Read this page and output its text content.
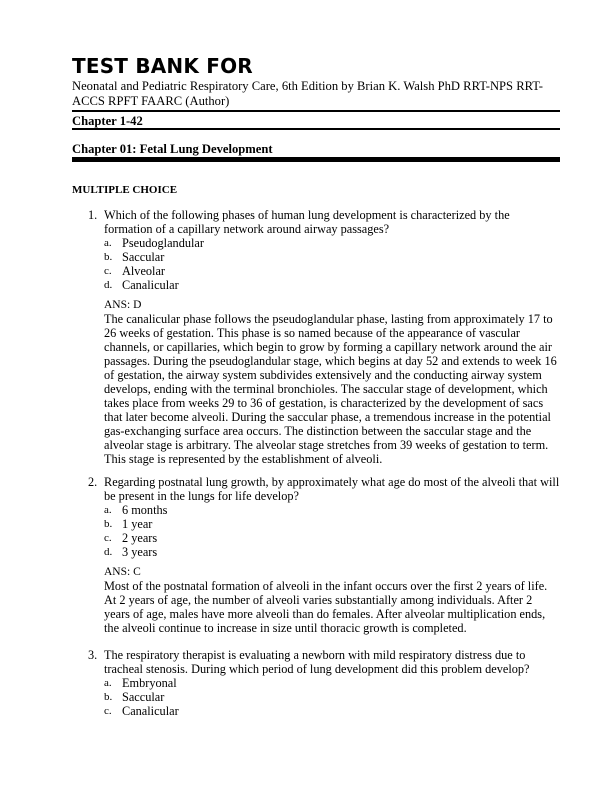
TEST BANK FOR
Neonatal and Pediatric Respiratory Care, 6th Edition by Brian K. Walsh PhD RRT-NPS RRT-ACCS RPFT FAARC (Author)
Chapter 1-42
Chapter 01: Fetal Lung Development
MULTIPLE CHOICE
1. Which of the following phases of human lung development is characterized by the formation of a capillary network around airway passages?
a. Pseudoglandular
b. Saccular
c. Alveolar
d. Canalicular
ANS: D
The canalicular phase follows the pseudoglandular phase, lasting from approximately 17 to 26 weeks of gestation. This phase is so named because of the appearance of vascular channels, or capillaries, which begin to grow by forming a capillary network around the air passages. During the pseudoglandular stage, which begins at day 52 and extends to week 16 of gestation, the airway system subdivides extensively and the conducting airway system develops, ending with the terminal bronchioles. The saccular stage of development, which takes place from weeks 29 to 36 of gestation, is characterized by the development of sacs that later become alveoli. During the saccular phase, a tremendous increase in the potential gas-exchanging surface area occurs. The distinction between the saccular stage and the alveolar stage is arbitrary. The alveolar stage stretches from 39 weeks of gestation to term. This stage is represented by the establishment of alveoli.
2. Regarding postnatal lung growth, by approximately what age do most of the alveoli that will be present in the lungs for life develop?
a. 6 months
b. 1 year
c. 2 years
d. 3 years
ANS: C
Most of the postnatal formation of alveoli in the infant occurs over the first 2 years of life. At 2 years of age, the number of alveoli varies substantially among individuals. After 2 years of age, males have more alveoli than do females. After alveolar multiplication ends, the alveoli continue to increase in size until thoracic growth is completed.
3. The respiratory therapist is evaluating a newborn with mild respiratory distress due to tracheal stenosis. During which period of lung development did this problem develop?
a. Embryonal
b. Saccular
c. Canalicular
